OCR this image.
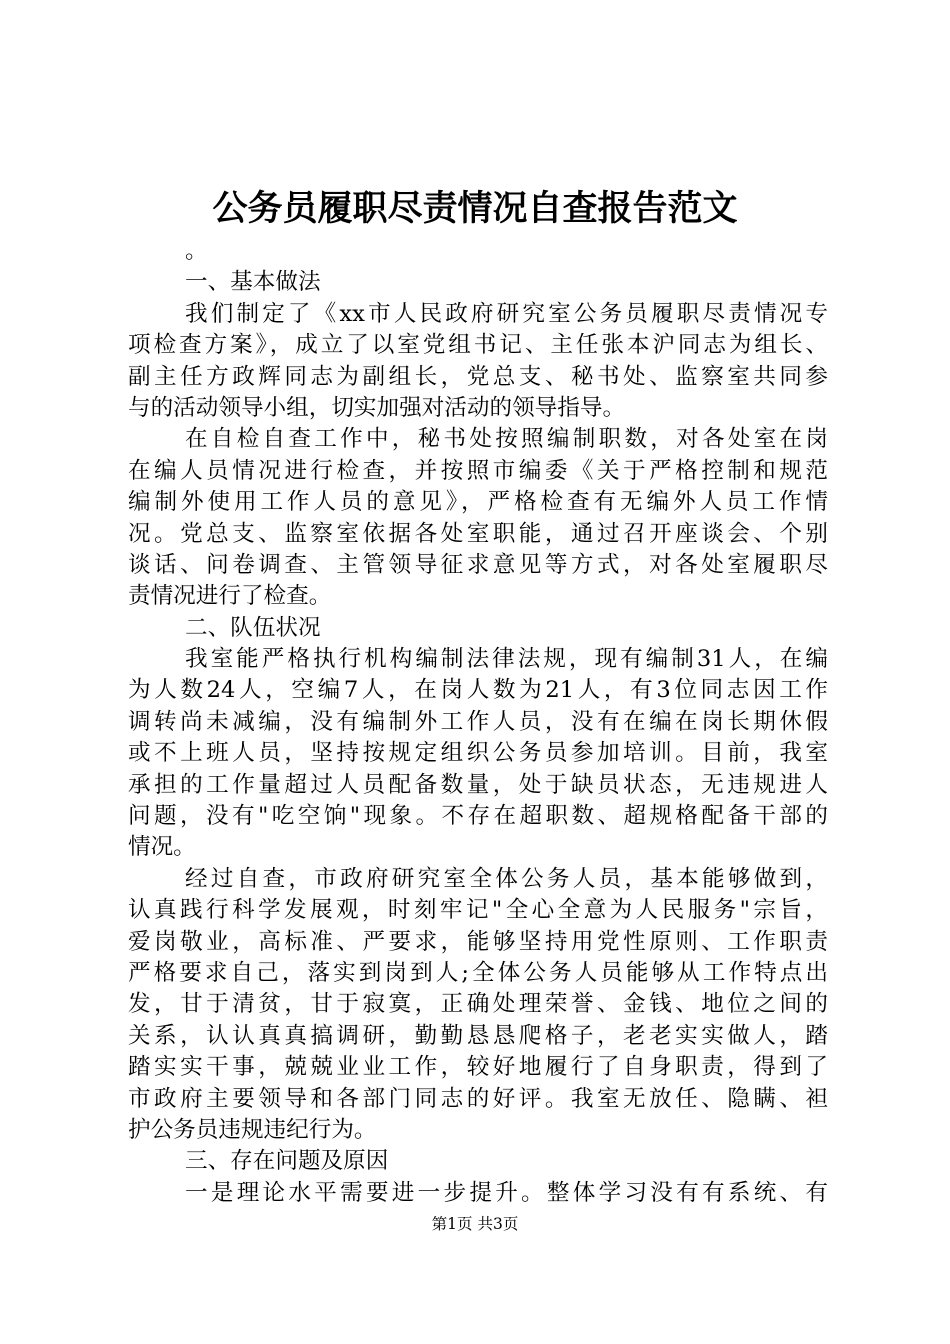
公务员履职尽责情况自查报告范文
。
一、基本做法
我们制定了《xx市人民政府研究室公务员履职尽责情况专
项检查方案》，成立了以室党组书记、主任张本沪同志为组长、
副主任方政辉同志为副组长，党总支、秘书处、监察室共同参
与的活动领导小组，切实加强对活动的领导指导。
在自检自查工作中，秘书处按照编制职数，对各处室在岗
在编人员情况进行检查，并按照市编委《关于严格控制和规范
编制外使用工作人员的意见》，严格检查有无编外人员工作情
况。党总支、监察室依据各处室职能，通过召开座谈会、个别
谈话、问卷调查、主管领导征求意见等方式，对各处室履职尽
责情况进行了检查。
二、队伍状况
我室能严格执行机构编制法律法规，现有编制31人，在编
为人数24人，空编7人，在岗人数为21人，有3位同志因工作
调转尚未减编，没有编制外工作人员，没有在编在岗长期休假
或不上班人员，坚持按规定组织公务员参加培训。目前，我室
承担的工作量超过人员配备数量，处于缺员状态，无违规进人
问题，没有"吃空饷"现象。不存在超职数、超规格配备干部的
情况。
经过自查，市政府研究室全体公务人员，基本能够做到，
认真践行科学发展观，时刻牢记"全心全意为人民服务"宗旨，
爱岗敬业，高标准、严要求，能够坚持用党性原则、工作职责
严格要求自己，落实到岗到人;全体公务人员能够从工作特点出
发，甘于清贫，甘于寂寞，正确处理荣誉、金钱、地位之间的
关系，认认真真搞调研，勤勤恳恳爬格子，老老实实做人，踏
踏实实干事，兢兢业业工作，较好地履行了自身职责，得到了
市政府主要领导和各部门同志的好评。我室无放任、隐瞒、袒
护公务员违规违纪行为。
三、存在问题及原因
一是理论水平需要进一步提升。整体学习没有有系统、有
第1页 共3页
